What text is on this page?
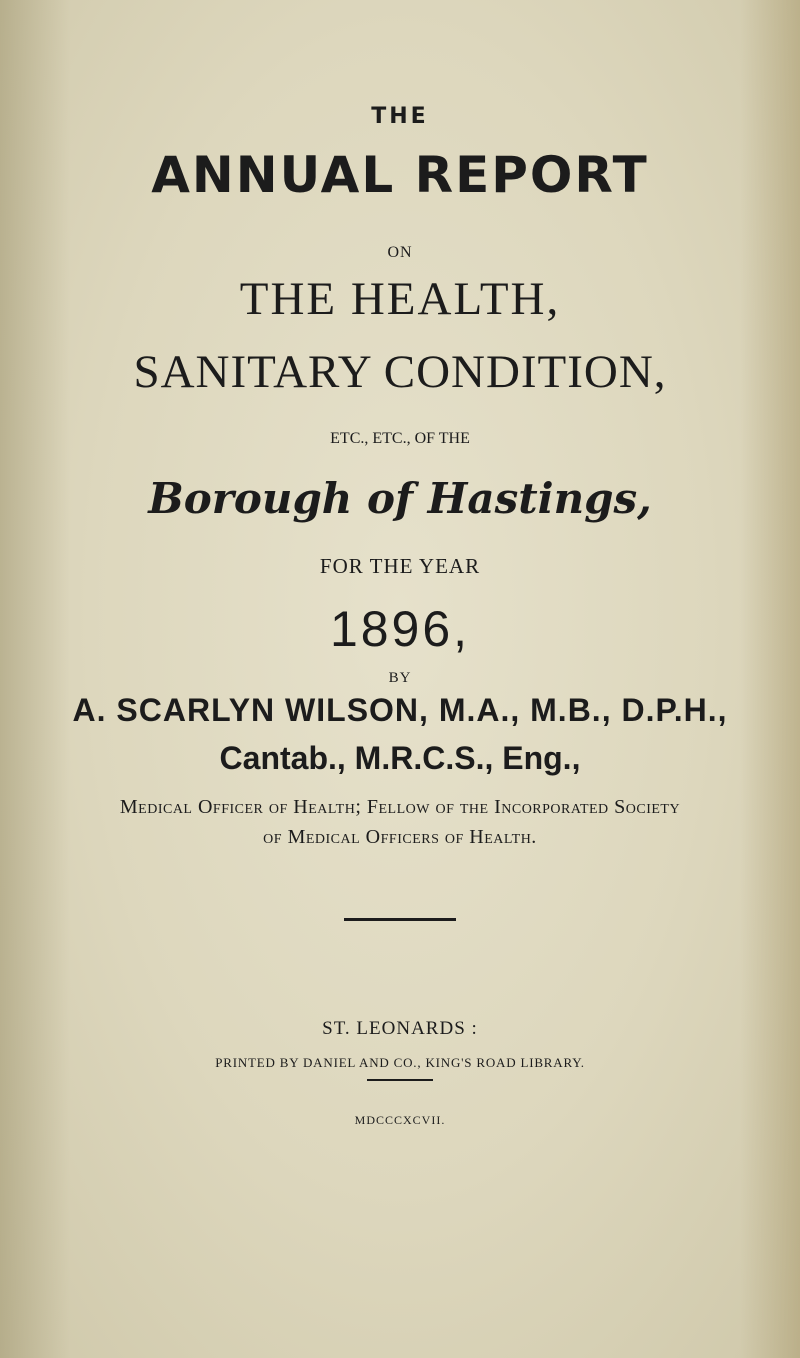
THE
ANNUAL REPORT
ON
THE HEALTH,
SANITARY CONDITION,
ETC., ETC., OF THE
Borough of Hastings,
FOR THE YEAR
1896,
BY
A. SCARLYN WILSON, M.A., M.B., D.P.H.,
Cantab., M.R.C.S., Eng.,
Medical Officer of Health; Fellow of the Incorporated Society
of Medical Officers of Health.
ST. LEONARDS :
PRINTED BY DANIEL AND CO., KING'S ROAD LIBRARY.
MDCCCXCVII.
